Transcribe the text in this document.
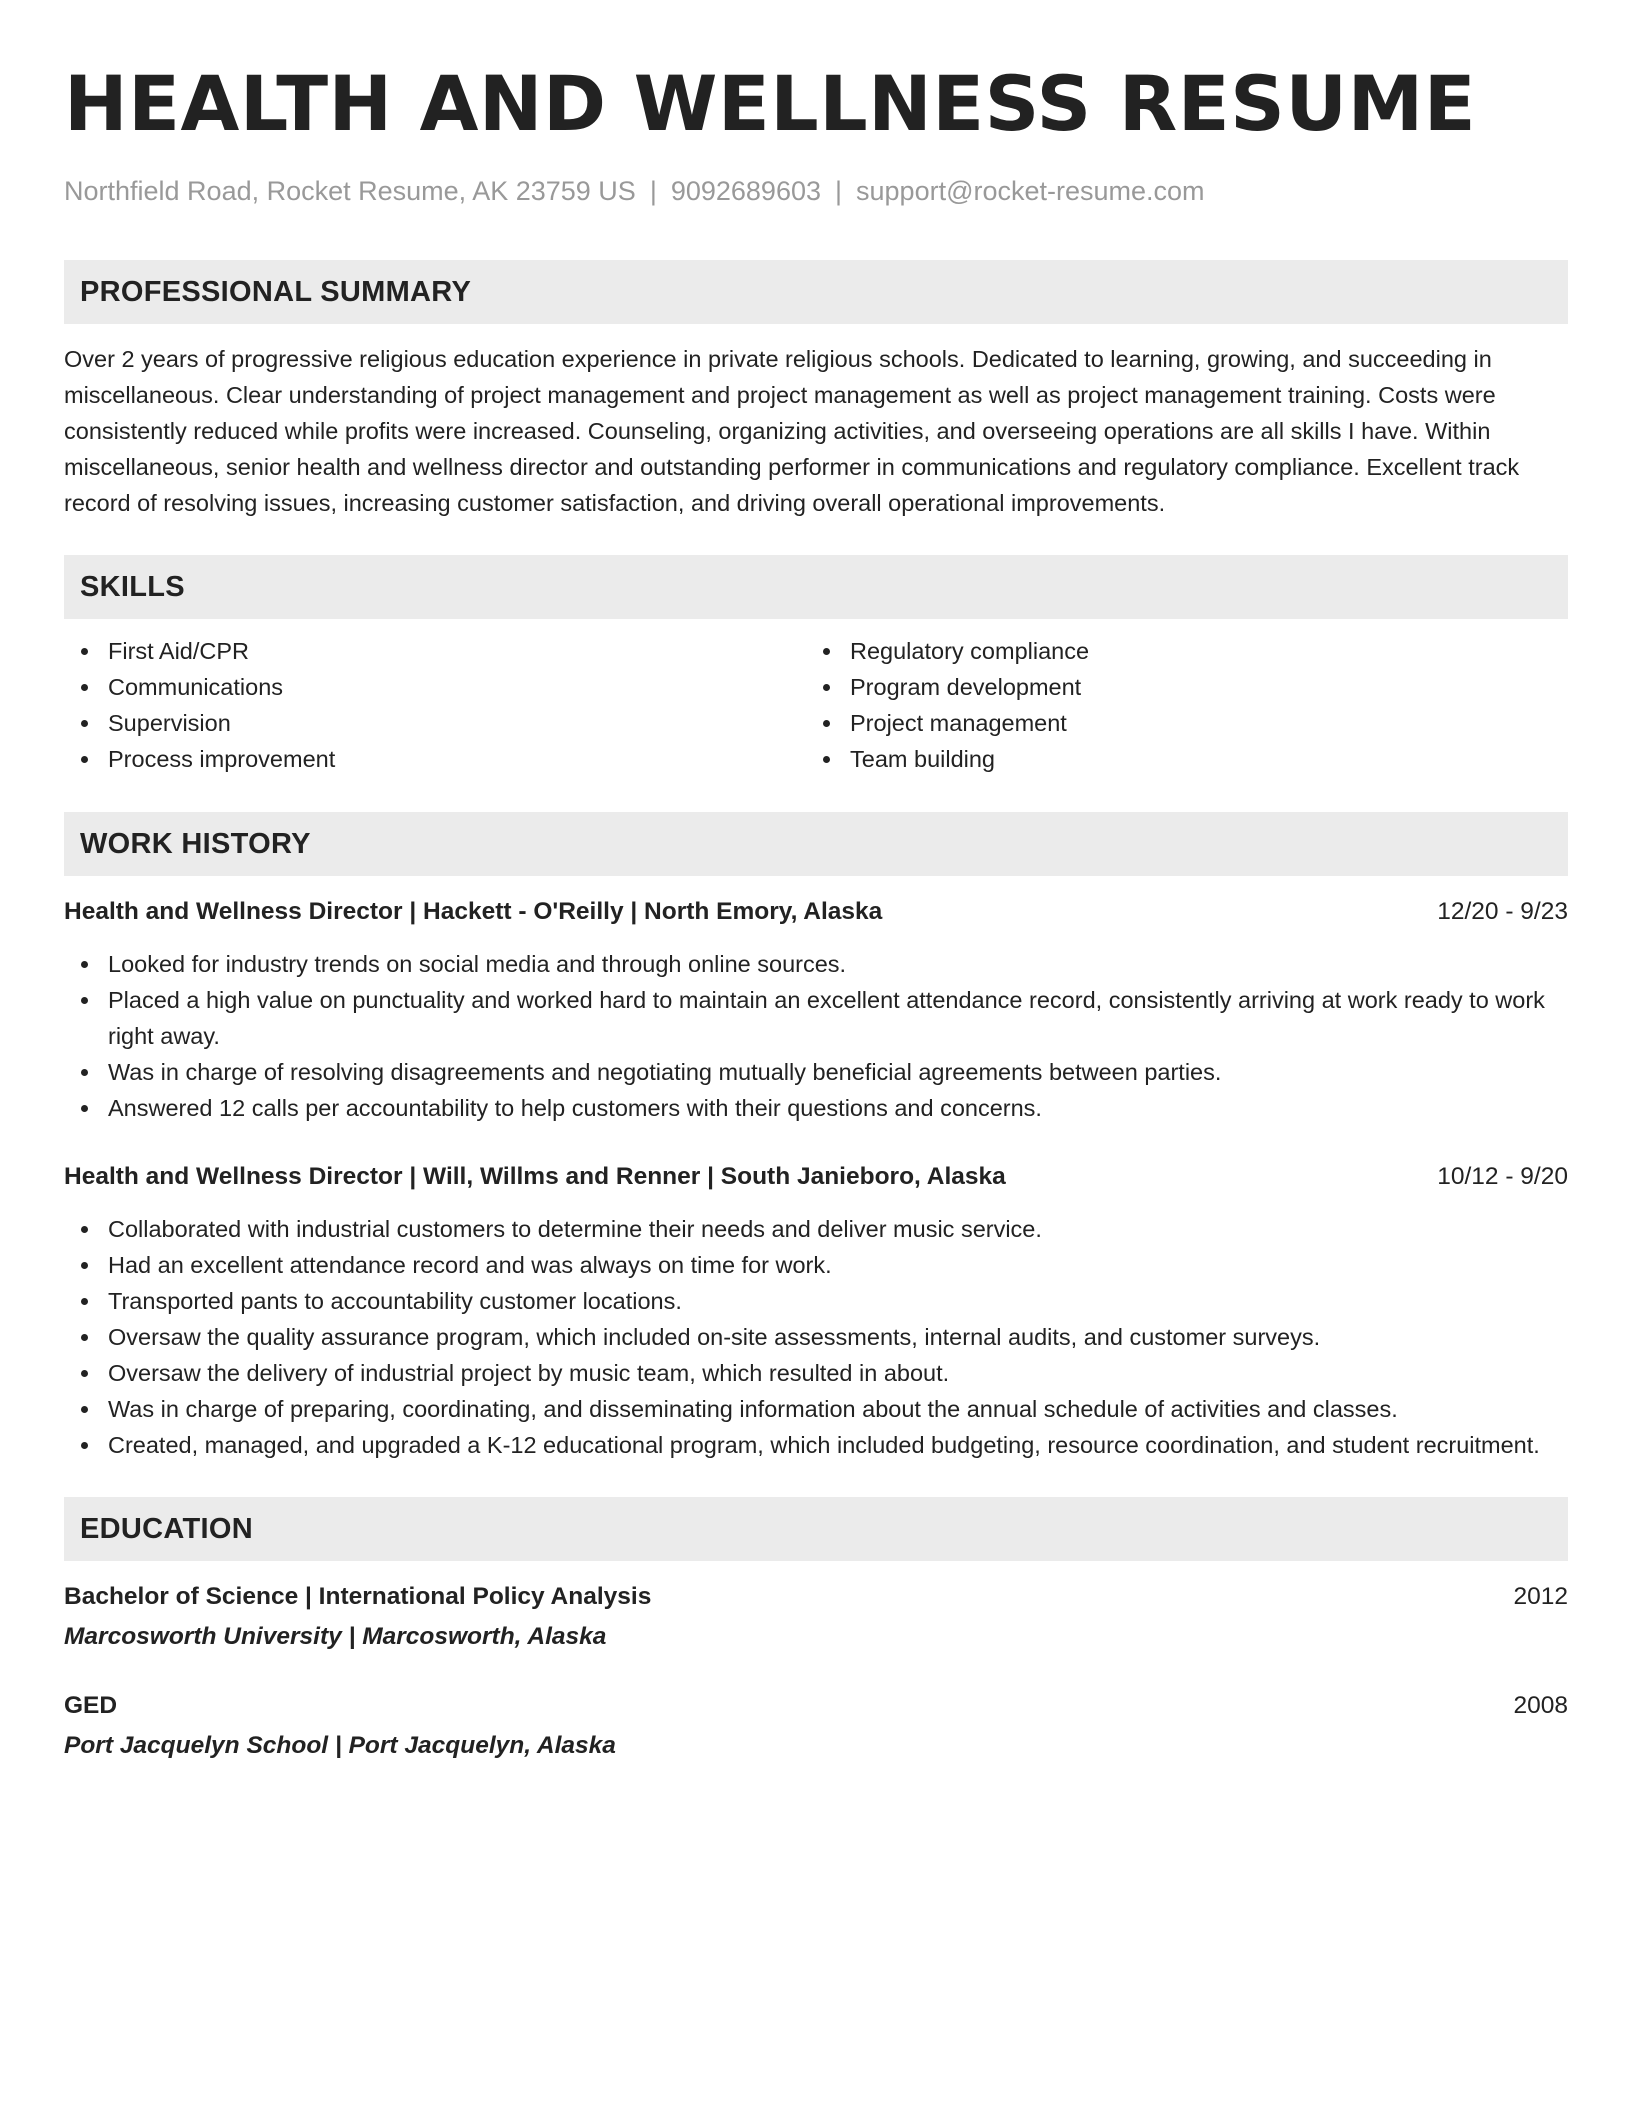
HEALTH AND WELLNESS RESUME
Northfield Road, Rocket Resume, AK 23759 US | 9092689603 | support@rocket-resume.com
PROFESSIONAL SUMMARY

Over 2 years of progressive religious education experience in private religious schools. Dedicated to learning, growing, and succeeding in miscellaneous. Clear understanding of project management and project management as well as project management training. Costs were consistently reduced while profits were increased. Counseling, organizing activities, and overseeing operations are all skills I have. Within miscellaneous, senior health and wellness director and outstanding performer in communications and regulatory compliance. Excellent track record of resolving issues, increasing customer satisfaction, and driving overall operational improvements.

SKILLS
First Aid/CPR
Communications
Supervision
Process improvement
Regulatory compliance
Program development
Project management
Team building
WORK HISTORY
Health and Wellness Director | Hackett - O'Reilly | North Emory, Alaska	12/20 - 9/23
Looked for industry trends on social media and through online sources.
Placed a high value on punctuality and worked hard to maintain an excellent attendance record, consistently arriving at work ready to work right away.
Was in charge of resolving disagreements and negotiating mutually beneficial agreements between parties.
Answered 12 calls per accountability to help customers with their questions and concerns.
Health and Wellness Director | Will, Willms and Renner | South Janieboro, Alaska	10/12 - 9/20
Collaborated with industrial customers to determine their needs and deliver music service.
Had an excellent attendance record and was always on time for work.
Transported pants to accountability customer locations.
Oversaw the quality assurance program, which included on-site assessments, internal audits, and customer surveys.
Oversaw the delivery of industrial project by music team, which resulted in about.
Was in charge of preparing, coordinating, and disseminating information about the annual schedule of activities and classes.
Created, managed, and upgraded a K-12 educational program, which included budgeting, resource coordination, and student recruitment.
EDUCATION
Bachelor of Science | International Policy Analysis	2012
Marcosworth University | Marcosworth, Alaska
GED	2008
Port Jacquelyn School | Port Jacquelyn, Alaska
